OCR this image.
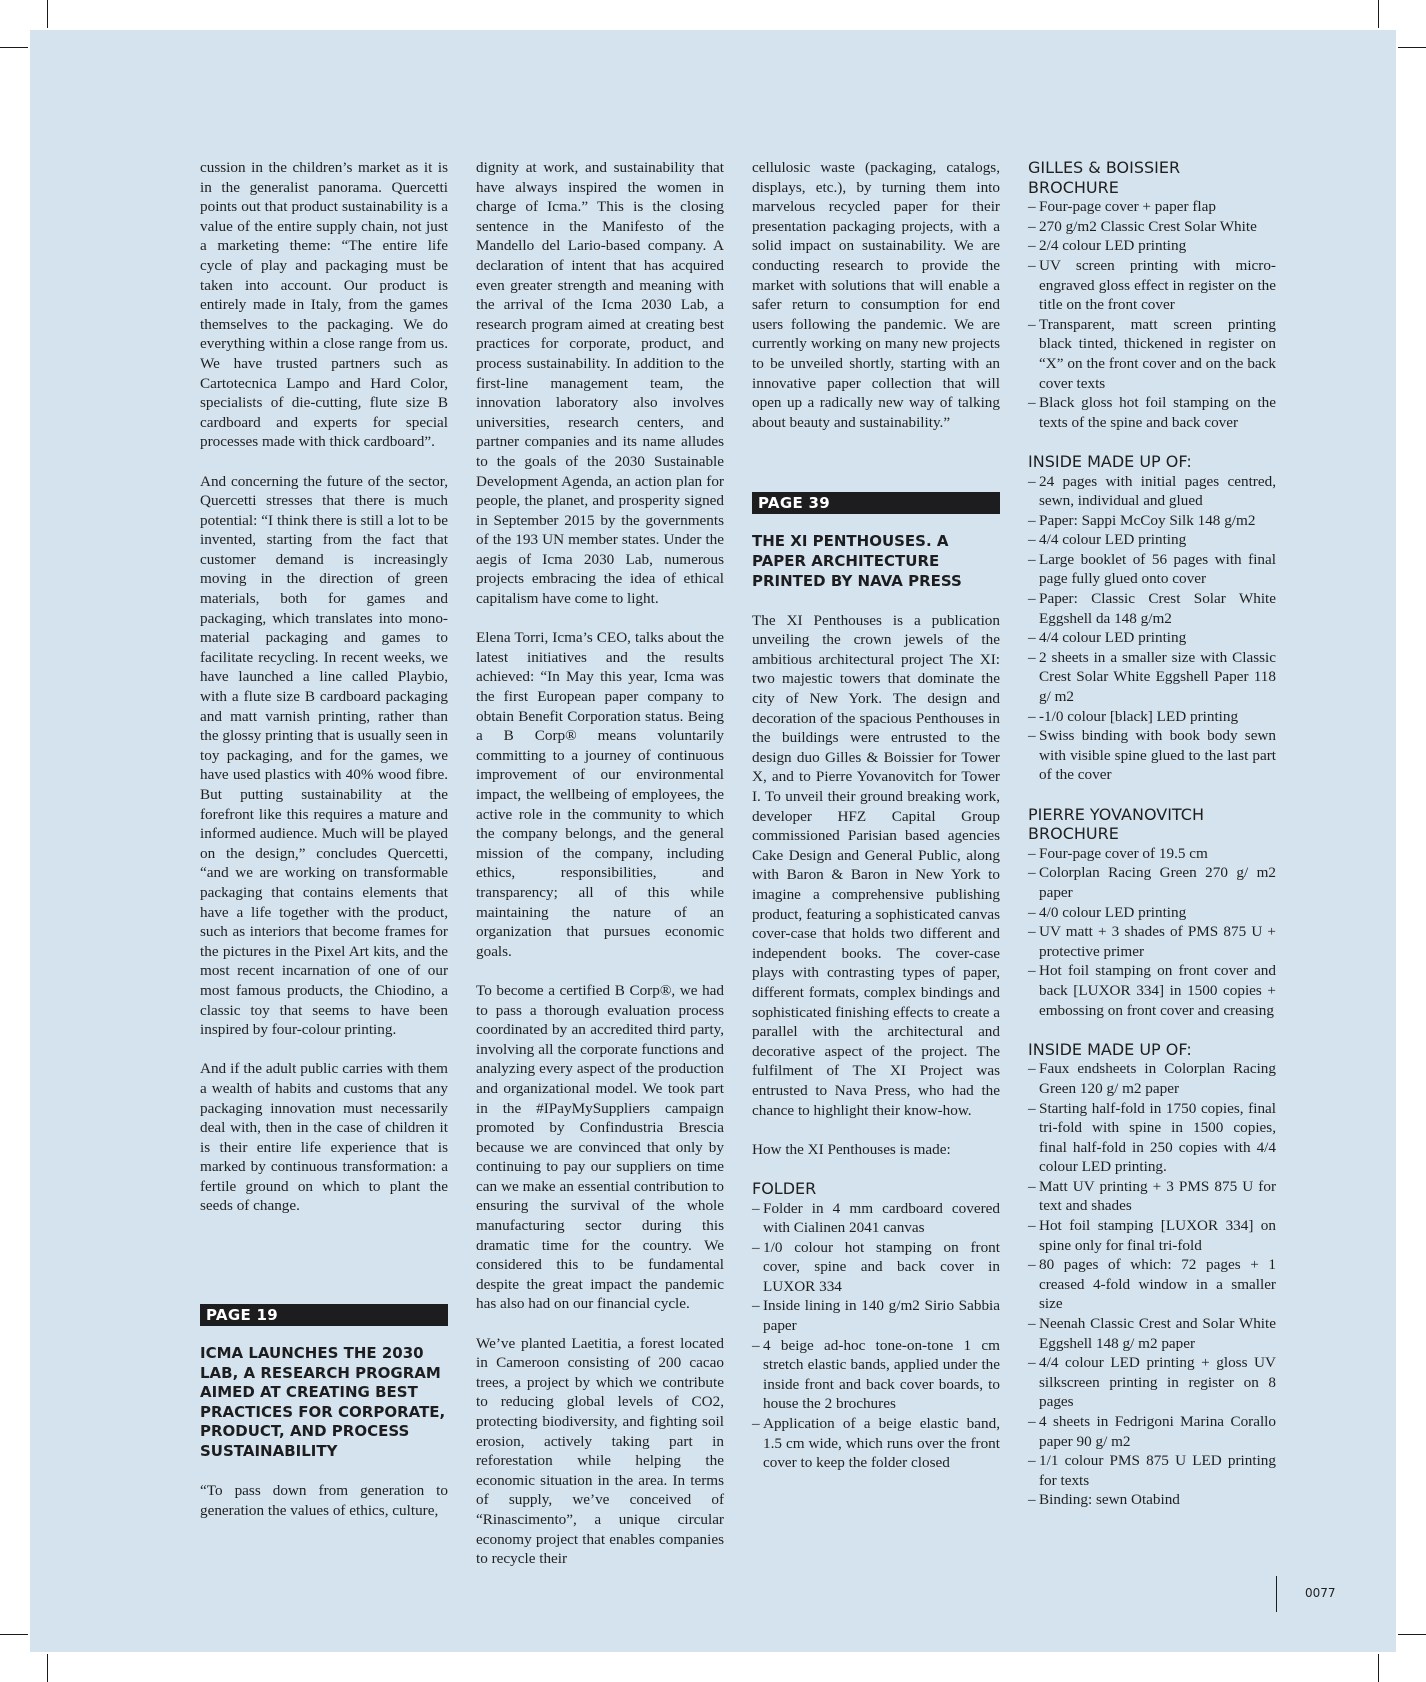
cussion in the children’s market as it is in the generalist panorama. Quercetti points out that product sustainability is a value of the entire supply chain, not just a marketing theme: “The entire life cycle of play and packaging must be taken into account. Our product is entirely made in Italy, from the games themselves to the packaging. We do everything within a close range from us. We have trusted partners such as Cartotecnica Lampo and Hard Color, specialists of die-cutting, flute size B cardboard and experts for special processes made with thick cardboard”.

And concerning the future of the sector, Quercetti stresses that there is much potential: “I think there is still a lot to be invented, starting from the fact that customer demand is increasingly moving in the direction of green materials, both for games and packaging, which translates into mono-material packaging and games to facilitate recycling. In recent weeks, we have launched a line called Playbio, with a flute size B cardboard packaging and matt varnish printing, rather than the glossy printing that is usually seen in toy packaging, and for the games, we have used plastics with 40% wood fibre. But putting sustainability at the forefront like this requires a mature and informed audience. Much will be played on the design,” concludes Quercetti, “and we are working on transformable packaging that contains elements that have a life together with the product, such as interiors that become frames for the pictures in the Pixel Art kits, and the most recent incarnation of one of our most famous products, the Chiodino, a classic toy that seems to have been inspired by four-colour printing.

And if the adult public carries with them a wealth of habits and customs that any packaging innovation must necessarily deal with, then in the case of children it is their entire life experience that is marked by continuous transformation: a fertile ground on which to plant the seeds of change.

PAGE 19
ICMA LAUNCHES THE 2030 LAB, A RESEARCH PROGRAM AIMED AT CREATING BEST PRACTICES FOR CORPORATE, PRODUCT, AND PROCESS SUSTAINABILITY

“To pass down from generation to generation the values of ethics, culture,

dignity at work, and sustainability that have always inspired the women in charge of Icma.” This is the closing sentence in the Manifesto of the Mandello del Lario-based company. A declaration of intent that has acquired even greater strength and meaning with the arrival of the Icma 2030 Lab, a research program aimed at creating best practices for corporate, product, and process sustainability. In addition to the first-line management team, the innovation laboratory also involves universities, research centers, and partner companies and its name alludes to the goals of the 2030 Sustainable Development Agenda, an action plan for people, the planet, and prosperity signed in September 2015 by the governments of the 193 UN member states. Under the aegis of Icma 2030 Lab, numerous projects embracing the idea of ethical capitalism have come to light.

Elena Torri, Icma’s CEO, talks about the latest initiatives and the results achieved: “In May this year, Icma was the first European paper company to obtain Benefit Corporation status. Being a B Corp® means voluntarily committing to a journey of continuous improvement of our environmental impact, the wellbeing of employees, the active role in the community to which the company belongs, and the general mission of the company, including ethics, responsibilities, and transparency; all of this while maintaining the nature of an organization that pursues economic goals.

To become a certified B Corp®, we had to pass a thorough evaluation process coordinated by an accredited third party, involving all the corporate functions and analyzing every aspect of the production and organizational model. We took part in the #IPayMySuppliers campaign promoted by Confindustria Brescia because we are convinced that only by continuing to pay our suppliers on time can we make an essential contribution to ensuring the survival of the whole manufacturing sector during this dramatic time for the country. We considered this to be fundamental despite the great impact the pandemic has also had on our financial cycle.

We’ve planted Laetitia, a forest located in Cameroon consisting of 200 cacao trees, a project by which we contribute to reducing global levels of CO2, protecting biodiversity, and fighting soil erosion, actively taking part in reforestation while helping the economic situation in the area. In terms of supply, we’ve conceived of “Rinascimento”, a unique circular economy project that enables companies to recycle their

cellulosic waste (packaging, catalogs, displays, etc.), by turning them into marvelous recycled paper for their presentation packaging projects, with a solid impact on sustainability. We are conducting research to provide the market with solutions that will enable a safer return to consumption for end users following the pandemic. We are currently working on many new projects to be unveiled shortly, starting with an innovative paper collection that will open up a radically new way of talking about beauty and sustainability.”

PAGE 39
THE XI PENTHOUSES. A PAPER ARCHITECTURE PRINTED BY NAVA PRESS

The XI Penthouses is a publication unveiling the crown jewels of the ambitious architectural project The XI: two majestic towers that dominate the city of New York. The design and decoration of the spacious Penthouses in the buildings were entrusted to the design duo Gilles & Boissier for Tower X, and to Pierre Yovanovitch for Tower I. To unveil their ground breaking work, developer HFZ Capital Group commissioned Parisian based agencies Cake Design and General Public, along with Baron & Baron in New York to imagine a comprehensive publishing product, featuring a sophisticated canvas cover-case that holds two different and independent books. The cover-case plays with contrasting types of paper, different formats, complex bindings and sophisticated finishing effects to create a parallel with the architectural and decorative aspect of the project. The fulfilment of The XI Project was entrusted to Nava Press, who had the chance to highlight their know-how.

How the XI Penthouses is made:

FOLDER
– Folder in 4 mm cardboard covered with Cialinen 2041 canvas
– 1/0 colour hot stamping on front cover, spine and back cover in LUXOR 334
– Inside lining in 140 g/m2 Sirio Sabbia paper
– 4 beige ad-hoc tone-on-tone 1 cm stretch elastic bands, applied under the inside front and back cover boards, to house the 2 brochures
– Application of a beige elastic band, 1.5 cm wide, which runs over the front cover to keep the folder closed
GILLES & BOISSIER BROCHURE
– Four-page cover + paper flap
– 270 g/m2 Classic Crest Solar White
– 2/4 colour LED printing
– UV screen printing with micro-engraved gloss effect in register on the title on the front cover
– Transparent, matt screen printing black tinted, thickened in register on “X” on the front cover and on the back cover texts
– Black gloss hot foil stamping on the texts of the spine and back cover
INSIDE MADE UP OF:
– 24 pages with initial pages centred, sewn, individual and glued
– Paper: Sappi McCoy Silk 148 g/m2
– 4/4 colour LED printing
– Large booklet of 56 pages with final page fully glued onto cover
– Paper: Classic Crest Solar White Eggshell da 148 g/m2
– 4/4 colour LED printing
– 2 sheets in a smaller size with Classic Crest Solar White Eggshell Paper 118 g/ m2
– -1/0 colour [black] LED printing
– Swiss binding with book body sewn with visible spine glued to the last part of the cover
PIERRE YOVANOVITCH BROCHURE
– Four-page cover of 19.5 cm
– Colorplan Racing Green 270 g/ m2 paper
– 4/0 colour LED printing
– UV matt + 3 shades of PMS 875 U + protective primer
– Hot foil stamping on front cover and back [LUXOR 334] in 1500 copies + embossing on front cover and creasing
INSIDE MADE UP OF:
– Faux endsheets in Colorplan Racing Green 120 g/ m2 paper
– Starting half-fold in 1750 copies, final tri-fold with spine in 1500 copies, final half-fold in 250 copies with 4/4 colour LED printing.
– Matt UV printing + 3 PMS 875 U for text and shades
– Hot foil stamping [LUXOR 334] on spine only for final tri-fold
– 80 pages of which: 72 pages + 1 creased 4-fold window in a smaller size
– Neenah Classic Crest and Solar White Eggshell 148 g/ m2 paper
– 4/4 colour LED printing + gloss UV silkscreen printing in register on 8 pages
– 4 sheets in Fedrigoni Marina Corallo paper 90 g/ m2
– 1/1 colour PMS 875 U LED printing for texts
– Binding: sewn Otabind
0077
